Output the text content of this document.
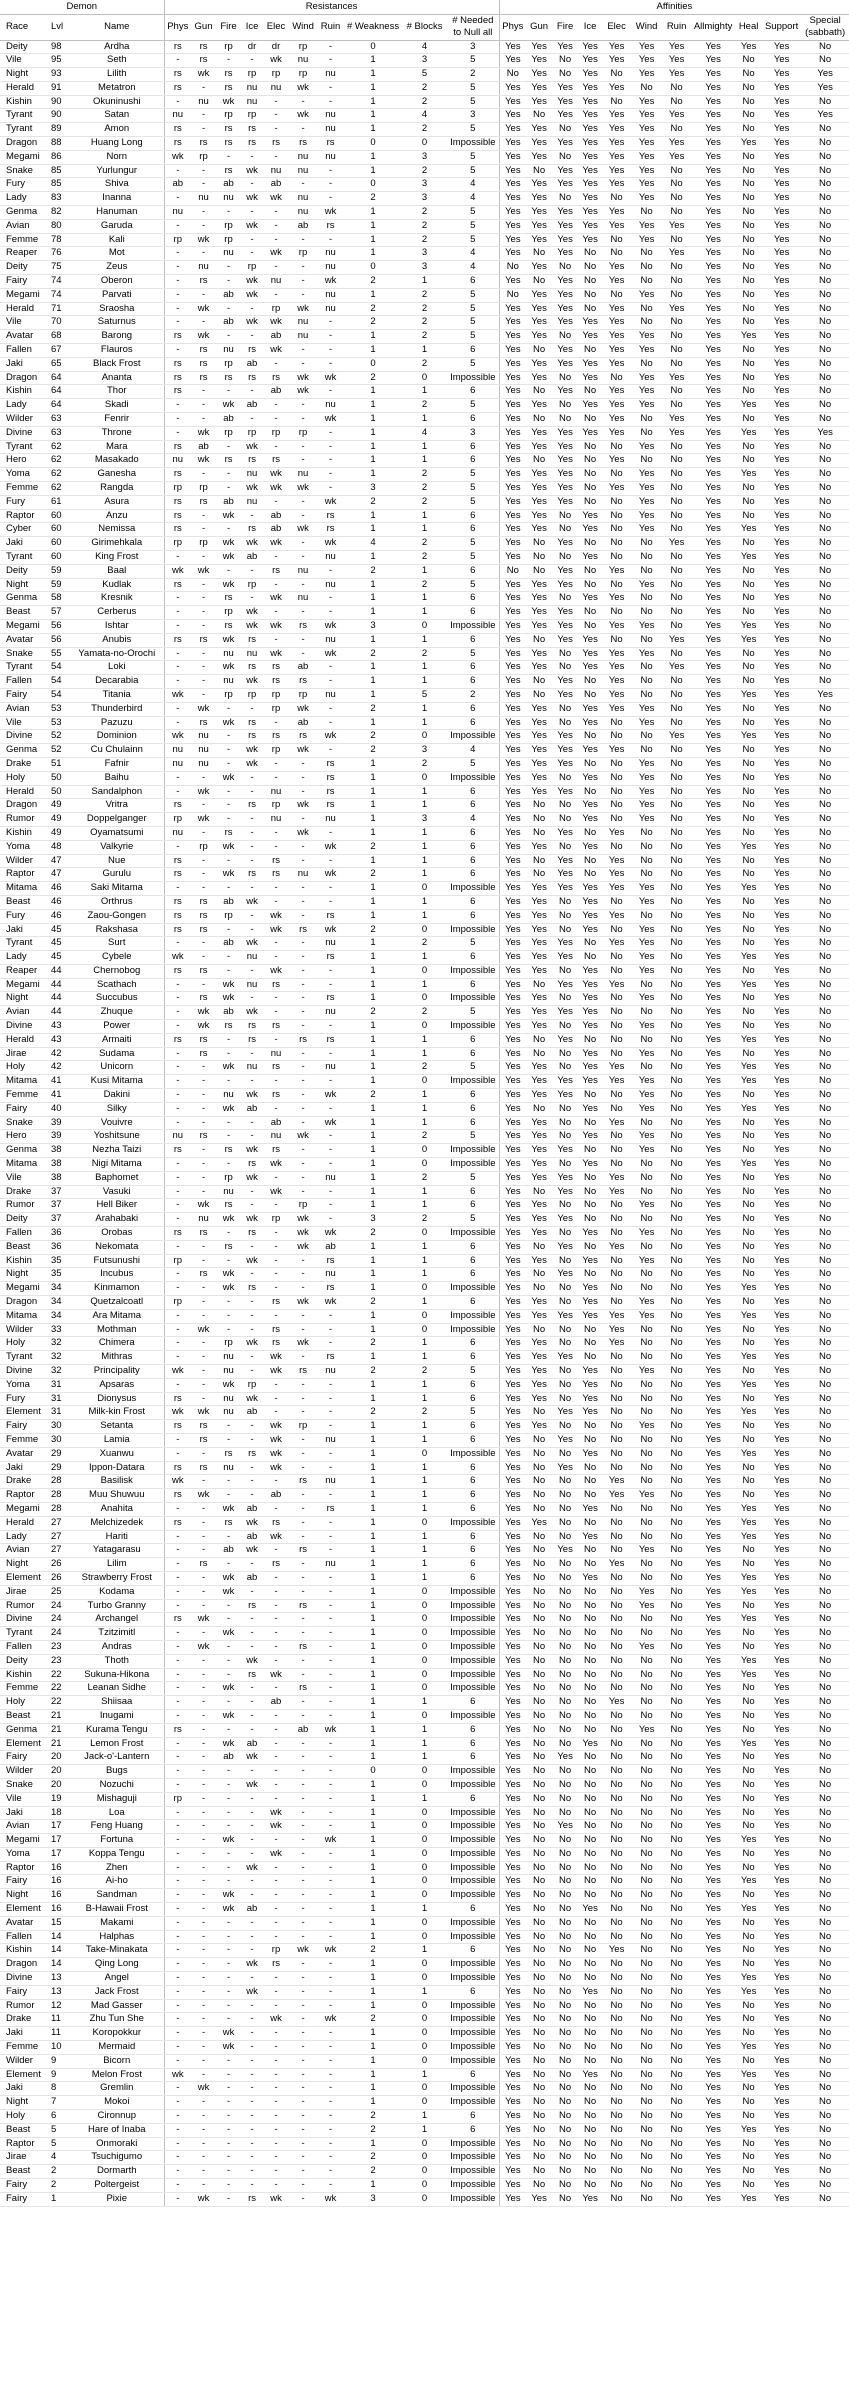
Demon			Resistances										Affinities										
Race	Lvl	Name	Phys	Gun	Fire	Ice	Elec	Wind	Ruin	# Weakness	# Blocks	# Needed to Null all	Phys	Gun	Fire	Ice	Elec	Wind	Ruin	Allmighty	Heal	Support	Special (sabbath)
Deity	98	Ardha	rs	rs	rp	dr	dr	rp	-	0	4	3	Yes	Yes	Yes	Yes	Yes	Yes	Yes	Yes	Yes	Yes	No
Vile	95	Seth	-	rs	-	-	wk	nu	-	1	3	5	Yes	Yes	No	Yes	Yes	Yes	Yes	Yes	No	Yes	No
Night	93	Lilith	rs	wk	rs	rp	rp	rp	nu	1	5	2	No	Yes	No	Yes	No	Yes	Yes	Yes	No	Yes	Yes
Herald	91	Metatron	rs	-	rs	nu	nu	wk	-	1	2	5	Yes	Yes	Yes	Yes	Yes	No	No	Yes	No	Yes	Yes
Kishin	90	Okuninushi	-	nu	wk	nu	-	-	-	1	2	5	Yes	Yes	Yes	Yes	No	Yes	No	Yes	No	Yes	No
Tyrant	90	Satan	nu	-	rp	rp	-	wk	nu	1	4	3	Yes	No	Yes	Yes	Yes	Yes	Yes	Yes	No	Yes	Yes
Tyrant	89	Amon	rs	-	rs	rs	-	-	nu	1	2	5	Yes	Yes	No	Yes	Yes	Yes	No	Yes	No	Yes	No
Dragon	88	Huang Long	rs	rs	rs	rs	rs	rs	rs	0	0	Impossible	Yes	Yes	Yes	Yes	Yes	Yes	Yes	Yes	Yes	Yes	No
Megami	86	Norn	wk	rp	-	-	-	nu	nu	1	3	5	Yes	Yes	No	Yes	Yes	Yes	Yes	Yes	No	Yes	No
Snake	85	Yurlungur	-	-	rs	wk	nu	nu	-	1	2	5	Yes	No	Yes	Yes	Yes	Yes	No	Yes	No	Yes	No
Fury	85	Shiva	ab	-	ab	-	ab	-	-	0	3	4	Yes	Yes	Yes	Yes	Yes	Yes	No	Yes	No	Yes	No
Lady	83	Inanna	-	nu	nu	wk	wk	nu	-	2	3	4	Yes	Yes	No	Yes	No	Yes	No	Yes	No	Yes	No
Genma	82	Hanuman	nu	-	-	-	-	nu	wk	1	2	5	Yes	Yes	Yes	Yes	Yes	No	No	Yes	No	Yes	No
Avian	80	Garuda	-	-	rp	wk	-	ab	rs	1	2	5	Yes	Yes	Yes	Yes	Yes	Yes	Yes	Yes	No	Yes	No
Femme	78	Kali	rp	wk	rp	-	-	-	-	1	2	5	Yes	Yes	Yes	Yes	No	Yes	No	Yes	No	Yes	No
Reaper	76	Mot	-	-	nu	-	wk	rp	nu	1	3	4	Yes	No	Yes	No	No	No	Yes	Yes	No	Yes	No
Deity	75	Zeus	-	nu	-	rp	-	-	nu	0	3	4	No	Yes	No	No	Yes	No	No	Yes	No	Yes	No
Fairy	74	Oberon	-	rs	-	wk	nu	-	wk	2	1	6	Yes	No	Yes	No	Yes	No	No	Yes	No	Yes	No
Megami	74	Parvati	-	-	ab	wk	-	-	nu	1	2	5	No	Yes	Yes	No	No	Yes	No	Yes	No	Yes	No
Herald	71	Sraosha	-	wk	-	-	rp	wk	nu	2	2	5	Yes	Yes	Yes	No	Yes	No	Yes	Yes	No	Yes	No
Vile	70	Saturnus	-	-	ab	wk	wk	nu	-	2	2	5	Yes	Yes	Yes	Yes	Yes	No	No	Yes	No	Yes	No
Avatar	68	Barong	rs	wk	-	-	ab	nu	-	1	2	5	Yes	Yes	No	Yes	Yes	Yes	No	Yes	Yes	Yes	No
Fallen	67	Flauros	-	rs	nu	rs	wk	-	-	1	1	6	Yes	No	Yes	No	Yes	Yes	No	Yes	No	Yes	No
Jaki	65	Black Frost	rs	rs	rp	ab	-	-	-	0	2	5	Yes	Yes	Yes	Yes	Yes	No	No	Yes	No	Yes	No
Dragon	64	Ananta	rs	rs	rs	rs	rs	wk	wk	2	0	Impossible	Yes	Yes	No	Yes	No	Yes	Yes	Yes	No	Yes	No
Kishin	64	Thor	rs	-	-	-	ab	wk	-	1	1	6	Yes	No	Yes	No	Yes	Yes	No	Yes	No	Yes	No
Lady	64	Skadi	-	-	wk	ab	-	-	nu	1	2	5	Yes	Yes	No	Yes	Yes	Yes	No	Yes	Yes	Yes	No
Wilder	63	Fenrir	-	-	ab	-	-	-	wk	1	1	6	Yes	No	No	No	Yes	No	Yes	Yes	No	Yes	No
Divine	63	Throne	-	wk	rp	rp	rp	rp	-	1	4	3	Yes	Yes	Yes	Yes	Yes	No	Yes	Yes	Yes	Yes	Yes
Tyrant	62	Mara	rs	ab	-	wk	-	-	-	1	1	6	Yes	Yes	Yes	No	No	Yes	No	Yes	No	Yes	No
Hero	62	Masakado	nu	wk	rs	rs	rs	-	-	1	1	6	Yes	No	Yes	No	Yes	No	No	Yes	No	Yes	No
Yoma	62	Ganesha	rs	-	-	nu	wk	nu	-	1	2	5	Yes	Yes	Yes	No	No	Yes	No	Yes	Yes	Yes	No
Femme	62	Rangda	rp	rp	-	wk	wk	wk	-	3	2	5	Yes	Yes	Yes	No	Yes	Yes	No	Yes	No	Yes	No
Fury	61	Asura	rs	rs	ab	nu	-	-	wk	2	2	5	Yes	Yes	Yes	No	No	Yes	No	Yes	No	Yes	No
Raptor	60	Anzu	rs	-	wk	-	ab	-	rs	1	1	6	Yes	Yes	No	Yes	No	Yes	No	Yes	No	Yes	No
Cyber	60	Nemissa	rs	-	-	rs	ab	wk	rs	1	1	6	Yes	Yes	No	Yes	No	Yes	No	Yes	Yes	Yes	No
Jaki	60	Girimehkala	rp	rp	wk	wk	wk	-	wk	4	2	5	Yes	No	Yes	No	No	No	Yes	Yes	No	Yes	No
Tyrant	60	King Frost	-	-	wk	ab	-	-	nu	1	2	5	Yes	No	No	Yes	No	No	No	Yes	Yes	Yes	No
Deity	59	Baal	wk	wk	-	-	rs	nu	-	2	1	6	No	No	Yes	No	Yes	No	No	Yes	No	Yes	No
Night	59	Kudlak	rs	-	wk	rp	-	-	nu	1	2	5	Yes	Yes	Yes	No	No	Yes	No	Yes	No	Yes	No
Genma	58	Kresnik	-	-	rs	-	wk	nu	-	1	1	6	Yes	Yes	No	Yes	Yes	No	No	Yes	No	Yes	No
Beast	57	Cerberus	-	-	rp	wk	-	-	-	1	1	6	Yes	Yes	Yes	No	No	No	No	Yes	No	Yes	No
Megami	56	Ishtar	-	-	rs	wk	wk	rs	wk	3	0	Impossible	Yes	Yes	Yes	No	Yes	Yes	No	Yes	Yes	Yes	No
Avatar	56	Anubis	rs	rs	wk	rs	-	-	nu	1	1	6	Yes	No	Yes	Yes	No	No	Yes	Yes	Yes	Yes	No
Snake	55	Yamata-no-Orochi	-	-	nu	nu	wk	-	wk	2	2	5	Yes	Yes	No	Yes	Yes	Yes	No	Yes	No	Yes	No
Tyrant	54	Loki	-	-	wk	rs	rs	ab	-	1	1	6	Yes	Yes	No	Yes	Yes	No	Yes	Yes	No	Yes	No
Fallen	54	Decarabia	-	-	nu	wk	rs	rs	-	1	1	6	Yes	No	Yes	No	Yes	No	No	Yes	No	Yes	No
Fairy	54	Titania	wk	-	rp	rp	rp	rp	nu	1	5	2	Yes	No	Yes	No	Yes	No	No	Yes	Yes	Yes	Yes
Avian	53	Thunderbird	-	wk	-	-	rp	wk	-	2	1	6	Yes	Yes	No	Yes	Yes	Yes	No	Yes	No	Yes	No
Vile	53	Pazuzu	-	rs	wk	rs	-	ab	-	1	1	6	Yes	Yes	No	Yes	No	Yes	No	Yes	No	Yes	No
Divine	52	Dominion	wk	nu	-	rs	rs	rs	wk	2	0	Impossible	Yes	Yes	Yes	No	No	No	Yes	Yes	Yes	Yes	No
Genma	52	Cu Chulainn	nu	nu	-	wk	rp	wk	-	2	3	4	Yes	Yes	Yes	Yes	Yes	No	No	Yes	No	Yes	No
Drake	51	Fafnir	nu	nu	-	wk	-	-	rs	1	2	5	Yes	Yes	Yes	No	No	Yes	No	Yes	No	Yes	No
Holy	50	Baihu	-	-	wk	-	-	-	rs	1	0	Impossible	Yes	Yes	No	Yes	No	Yes	No	Yes	No	Yes	No
Herald	50	Sandalphon	-	wk	-	-	nu	-	rs	1	1	6	Yes	Yes	Yes	No	No	Yes	No	Yes	No	Yes	No
Dragon	49	Vritra	rs	-	-	rs	rp	wk	rs	1	1	6	Yes	No	No	Yes	No	Yes	No	Yes	No	Yes	No
Rumor	49	Doppelganger	rp	wk	-	-	nu	-	nu	1	3	4	Yes	No	No	Yes	No	Yes	No	Yes	No	Yes	No
Kishin	49	Oyamatsumi	nu	-	rs	-	-	wk	-	1	1	6	Yes	No	Yes	No	Yes	No	No	Yes	No	Yes	No
Yoma	48	Valkyrie	-	rp	wk	-	-	-	wk	2	1	6	Yes	Yes	No	Yes	No	No	No	Yes	Yes	Yes	No
Wilder	47	Nue	rs	-	-	-	rs	-	-	1	1	6	Yes	No	Yes	No	Yes	No	No	Yes	No	Yes	No
Raptor	47	Gurulu	rs	-	wk	rs	rs	nu	wk	2	1	6	Yes	No	Yes	No	Yes	No	No	Yes	No	Yes	No
Mitama	46	Saki Mitama	-	-	-	-	-	-	-	1	0	Impossible	Yes	Yes	Yes	Yes	Yes	Yes	No	Yes	Yes	Yes	No
Beast	46	Orthrus	rs	rs	ab	wk	-	-	-	1	1	6	Yes	Yes	No	Yes	No	Yes	No	Yes	No	Yes	No
Fury	46	Zaou-Gongen	rs	rs	rp	-	wk	-	rs	1	1	6	Yes	Yes	No	Yes	Yes	No	No	Yes	No	Yes	No
Jaki	45	Rakshasa	rs	rs	-	-	wk	rs	wk	2	0	Impossible	Yes	Yes	No	Yes	No	Yes	No	Yes	No	Yes	No
Tyrant	45	Surt	-	-	ab	wk	-	-	nu	1	2	5	Yes	Yes	Yes	No	Yes	Yes	No	Yes	No	Yes	No
Lady	45	Cybele	wk	-	-	nu	-	-	rs	1	1	6	Yes	Yes	Yes	No	No	Yes	No	Yes	Yes	Yes	No
Reaper	44	Chernobog	rs	rs	-	-	wk	-	-	1	0	Impossible	Yes	Yes	No	Yes	No	Yes	No	Yes	No	Yes	No
Megami	44	Scathach	-	-	wk	nu	rs	-	-	1	1	6	Yes	No	Yes	Yes	Yes	No	No	Yes	Yes	Yes	No
Night	44	Succubus	-	rs	wk	-	-	-	rs	1	0	Impossible	Yes	Yes	No	Yes	No	Yes	No	Yes	No	Yes	No
Avian	44	Zhuque	-	wk	ab	wk	-	-	nu	2	2	5	Yes	Yes	Yes	Yes	No	No	No	Yes	No	Yes	No
Divine	43	Power	-	wk	rs	rs	rs	-	-	1	0	Impossible	Yes	Yes	No	Yes	No	Yes	No	Yes	No	Yes	No
Herald	43	Armaiti	rs	rs	-	rs	-	rs	rs	1	1	6	Yes	No	Yes	No	No	No	No	Yes	Yes	Yes	No
Jirae	42	Sudama	-	rs	-	-	nu	-	-	1	1	6	Yes	No	No	Yes	No	Yes	No	Yes	No	Yes	No
Holy	42	Unicorn	-	-	wk	nu	rs	-	nu	1	2	5	Yes	Yes	No	Yes	Yes	No	No	Yes	Yes	Yes	No
Mitama	41	Kusi Mitama	-	-	-	-	-	-	-	1	0	Impossible	Yes	Yes	Yes	Yes	Yes	Yes	No	Yes	Yes	Yes	No
Femme	41	Dakini	-	-	nu	wk	rs	-	wk	2	1	6	Yes	Yes	Yes	No	No	Yes	No	Yes	No	Yes	No
Fairy	40	Silky	-	-	wk	ab	-	-	-	1	1	6	Yes	No	No	Yes	No	Yes	No	Yes	Yes	Yes	No
Snake	39	Vouivre	-	-	-	-	ab	-	wk	1	1	6	Yes	Yes	No	No	Yes	No	No	Yes	No	Yes	No
Hero	39	Yoshitsune	nu	rs	-	-	nu	wk	-	1	2	5	Yes	Yes	No	Yes	No	Yes	No	Yes	No	Yes	No
Genma	38	Nezha Taizi	rs	-	rs	wk	rs	-	-	1	0	Impossible	Yes	Yes	Yes	No	No	Yes	No	Yes	No	Yes	No
Mitama	38	Nigi Mitama	-	-	-	rs	wk	-	-	1	0	Impossible	Yes	Yes	No	Yes	No	No	No	Yes	Yes	Yes	No
Vile	38	Baphomet	-	-	rp	wk	-	-	nu	1	2	5	Yes	Yes	Yes	No	Yes	No	No	Yes	No	Yes	No
Drake	37	Vasuki	-	-	nu	-	wk	-	-	1	1	6	Yes	No	Yes	No	Yes	No	No	Yes	No	Yes	No
Rumor	37	Hell Biker	-	wk	rs	-	-	rp	-	1	1	6	Yes	Yes	No	No	No	Yes	No	Yes	No	Yes	No
Deity	37	Arahabaki	-	nu	wk	wk	rp	wk	-	3	2	5	Yes	Yes	Yes	No	No	No	No	Yes	No	Yes	No
Fallen	36	Orobas	rs	rs	-	rs	-	wk	wk	2	0	Impossible	Yes	Yes	No	Yes	No	Yes	No	Yes	No	Yes	No
Beast	36	Nekomata	-	-	rs	-	-	wk	ab	1	1	6	Yes	No	Yes	No	Yes	No	No	Yes	No	Yes	No
Kishin	35	Futsunushi	rp	-	-	wk	-	-	rs	1	1	6	Yes	Yes	No	Yes	No	Yes	No	Yes	No	Yes	No
Night	35	Incubus	-	rs	wk	-	-	-	nu	1	1	6	Yes	No	Yes	No	No	No	No	Yes	No	Yes	No
Megami	34	Kinmamon	-	-	wk	rs	-	-	rs	1	0	Impossible	Yes	No	No	Yes	No	No	No	Yes	Yes	Yes	No
Dragon	34	Quetzalcoatl	rp	-	-	-	rs	wk	wk	2	1	6	Yes	Yes	No	Yes	No	Yes	No	Yes	No	Yes	No
Mitama	34	Ara Mitama	-	-	-	-	-	-	-	1	0	Impossible	Yes	Yes	Yes	Yes	Yes	Yes	No	Yes	Yes	Yes	No
Wilder	33	Mothman	-	wk	-	-	rs	-	-	1	0	Impossible	Yes	No	No	No	Yes	No	No	Yes	No	Yes	No
Holy	32	Chimera	-	-	rp	wk	rs	wk	-	2	1	6	Yes	Yes	No	No	Yes	No	No	Yes	No	Yes	No
Tyrant	32	Mithras	-	-	nu	-	wk	-	rs	1	1	6	Yes	Yes	Yes	No	No	No	No	Yes	Yes	Yes	No
Divine	32	Principality	wk	-	nu	-	wk	rs	nu	2	2	5	Yes	Yes	No	Yes	No	Yes	No	Yes	No	Yes	No
Yoma	31	Apsaras	-	-	wk	rp	-	-	-	1	1	6	Yes	Yes	No	Yes	No	No	No	Yes	Yes	Yes	No
Fury	31	Dionysus	rs	-	nu	wk	-	-	-	1	1	6	Yes	Yes	No	Yes	No	No	No	Yes	No	Yes	No
Element	31	Milk-kin Frost	wk	wk	nu	ab	-	-	-	2	2	5	Yes	No	Yes	Yes	No	No	No	Yes	Yes	Yes	No
Fairy	30	Setanta	rs	rs	-	-	wk	rp	-	1	1	6	Yes	Yes	No	No	No	Yes	No	Yes	No	Yes	No
Femme	30	Lamia	-	rs	-	-	wk	-	nu	1	1	6	Yes	No	Yes	No	No	No	No	Yes	No	Yes	No
Avatar	29	Xuanwu	-	-	rs	rs	wk	-	-	1	0	Impossible	Yes	No	No	Yes	No	No	No	Yes	Yes	Yes	No
Jaki	29	Ippon-Datara	rs	rs	nu	-	wk	-	-	1	1	6	Yes	No	Yes	No	No	No	No	Yes	No	Yes	No
Drake	28	Basilisk	wk	-	-	-	-	rs	nu	1	1	6	Yes	No	No	No	Yes	No	No	Yes	No	Yes	No
Raptor	28	Muu Shuwuu	rs	wk	-	-	ab	-	-	1	1	6	Yes	No	No	No	Yes	Yes	No	Yes	No	Yes	No
Megami	28	Anahita	-	-	wk	ab	-	-	rs	1	1	6	Yes	No	No	Yes	No	No	No	Yes	Yes	Yes	No
Herald	27	Melchizedek	rs	-	rs	wk	rs	-	-	1	0	Impossible	Yes	Yes	No	No	No	No	No	Yes	Yes	Yes	No
Lady	27	Hariti	-	-	-	ab	wk	-	-	1	1	6	Yes	No	No	Yes	No	No	No	Yes	Yes	Yes	No
Avian	27	Yatagarasu	-	-	ab	wk	-	rs	-	1	1	6	Yes	No	Yes	No	No	Yes	No	Yes	No	Yes	No
Night	26	Lilim	-	rs	-	-	rs	-	nu	1	1	6	Yes	No	No	No	Yes	No	No	Yes	No	Yes	No
Element	26	Strawberry Frost	-	-	wk	ab	-	-	-	1	1	6	Yes	No	No	Yes	No	No	No	Yes	Yes	Yes	No
Jirae	25	Kodama	-	-	wk	-	-	-	-	1	0	Impossible	Yes	No	No	No	No	Yes	No	Yes	Yes	Yes	No
Rumor	24	Turbo Granny	-	-	-	rs	-	rs	-	1	0	Impossible	Yes	No	No	No	No	Yes	No	Yes	No	Yes	No
Divine	24	Archangel	rs	wk	-	-	-	-	-	1	0	Impossible	Yes	No	No	No	No	No	No	Yes	Yes	Yes	No
Tyrant	24	Tzitzimitl	-	-	wk	-	-	-	-	1	0	Impossible	Yes	No	No	No	No	No	No	Yes	No	Yes	No
Fallen	23	Andras	-	wk	-	-	-	rs	-	1	0	Impossible	Yes	No	No	No	No	Yes	No	Yes	No	Yes	No
Deity	23	Thoth	-	-	-	wk	-	-	-	1	0	Impossible	Yes	No	No	No	No	No	No	Yes	Yes	Yes	No
Kishin	22	Sukuna-Hikona	-	-	-	rs	wk	-	-	1	0	Impossible	Yes	No	No	No	No	No	No	Yes	Yes	Yes	No
Femme	22	Leanan Sidhe	-	-	wk	-	-	rs	-	1	0	Impossible	Yes	No	No	No	No	No	No	Yes	No	Yes	No
Holy	22	Shiisaa	-	-	-	-	ab	-	-	1	1	6	Yes	No	No	No	Yes	No	No	Yes	No	Yes	No
Beast	21	Inugami	-	-	wk	-	-	-	-	1	0	Impossible	Yes	No	No	No	No	No	No	Yes	No	Yes	No
Genma	21	Kurama Tengu	rs	-	-	-	-	ab	wk	1	1	6	Yes	No	No	No	No	Yes	No	Yes	No	Yes	No
Element	21	Lemon Frost	-	-	wk	ab	-	-	-	1	1	6	Yes	No	No	Yes	No	No	No	Yes	Yes	Yes	No
Fairy	20	Jack-o'-Lantern	-	-	ab	wk	-	-	-	1	1	6	Yes	No	Yes	No	No	No	No	Yes	No	Yes	No
Wilder	20	Bugs	-	-	-	-	-	-	-	0	0	Impossible	Yes	No	No	No	No	No	No	Yes	No	Yes	No
Snake	20	Nozuchi	-	-	-	wk	-	-	-	1	0	Impossible	Yes	No	No	No	No	No	No	Yes	No	Yes	No
Vile	19	Mishaguji	rp	-	-	-	-	-	-	1	1	6	Yes	No	No	No	No	No	No	Yes	No	Yes	No
Jaki	18	Loa	-	-	-	-	wk	-	-	1	0	Impossible	Yes	No	No	No	No	No	No	Yes	No	Yes	No
Avian	17	Feng Huang	-	-	-	-	wk	-	-	1	0	Impossible	Yes	No	Yes	No	No	No	No	Yes	No	Yes	No
Megami	17	Fortuna	-	-	wk	-	-	-	wk	1	0	Impossible	Yes	No	No	No	No	No	No	Yes	Yes	Yes	No
Yoma	17	Koppa Tengu	-	-	-	-	wk	-	-	1	0	Impossible	Yes	No	No	No	No	No	No	Yes	No	Yes	No
Raptor	16	Zhen	-	-	-	wk	-	-	-	1	0	Impossible	Yes	No	No	No	No	No	No	Yes	No	Yes	No
Fairy	16	Ai-ho	-	-	-	-	-	-	-	1	0	Impossible	Yes	No	No	No	No	No	No	Yes	Yes	Yes	No
Night	16	Sandman	-	-	wk	-	-	-	-	1	0	Impossible	Yes	No	No	No	No	No	No	Yes	No	Yes	No
Element	16	B-Hawaii Frost	-	-	wk	ab	-	-	-	1	1	6	Yes	No	No	Yes	No	No	No	Yes	Yes	Yes	No
Avatar	15	Makami	-	-	-	-	-	-	-	1	0	Impossible	Yes	No	No	No	No	No	No	Yes	No	Yes	No
Fallen	14	Halphas	-	-	-	-	-	-	-	1	0	Impossible	Yes	No	No	No	No	No	No	Yes	No	Yes	No
Kishin	14	Take-Minakata	-	-	-	-	rp	wk	wk	2	1	6	Yes	No	No	No	Yes	No	No	Yes	No	Yes	No
Dragon	14	Qing Long	-	-	-	wk	rs	-	-	1	0	Impossible	Yes	No	No	No	No	No	No	Yes	No	Yes	No
Divine	13	Angel	-	-	-	-	-	-	-	1	0	Impossible	Yes	No	No	No	No	No	No	Yes	Yes	Yes	No
Fairy	13	Jack Frost	-	-	-	wk	-	-	-	1	1	6	Yes	No	No	Yes	No	No	No	Yes	Yes	Yes	No
Rumor	12	Mad Gasser	-	-	-	-	-	-	-	1	0	Impossible	Yes	No	No	No	No	No	No	Yes	No	Yes	No
Drake	11	Zhu Tun She	-	-	-	-	wk	-	wk	2	0	Impossible	Yes	No	No	No	No	No	No	Yes	No	Yes	No
Jaki	11	Koropokkur	-	-	wk	-	-	-	-	1	0	Impossible	Yes	No	No	No	No	No	No	Yes	No	Yes	No
Femme	10	Mermaid	-	-	wk	-	-	-	-	1	0	Impossible	Yes	No	No	No	No	No	No	Yes	Yes	Yes	No
Wilder	9	Bicorn	-	-	-	-	-	-	-	1	0	Impossible	Yes	No	No	No	No	No	No	Yes	No	Yes	No
Element	9	Melon Frost	wk	-	-	-	-	-	-	1	1	6	Yes	No	No	Yes	No	No	No	Yes	Yes	Yes	No
Jaki	8	Gremlin	-	wk	-	-	-	-	-	1	0	Impossible	Yes	No	No	No	No	No	No	Yes	No	Yes	No
Night	7	Mokoi	-	-	-	-	-	-	-	1	0	Impossible	Yes	No	No	No	No	No	No	Yes	No	Yes	No
Holy	6	Cironnup	-	-	-	-	-	-	-	2	1	6	Yes	No	No	No	No	No	No	Yes	No	Yes	No
Beast	5	Hare of Inaba	-	-	-	-	-	-	-	2	1	6	Yes	No	No	No	No	No	No	Yes	Yes	Yes	No
Raptor	5	Onmoraki	-	-	-	-	-	-	-	1	0	Impossible	Yes	No	No	No	No	No	No	Yes	No	Yes	No
Jirae	4	Tsuchigumo	-	-	-	-	-	-	-	2	0	Impossible	Yes	No	No	No	No	No	No	Yes	No	Yes	No
Beast	2	Dormarth	-	-	-	-	-	-	-	2	0	Impossible	Yes	No	No	No	No	No	No	Yes	No	Yes	No
Fairy	2	Poltergeist	-	-	-	-	-	-	-	1	0	Impossible	Yes	No	No	No	No	No	No	Yes	No	Yes	No
Fairy	1	Pixie	-	wk	-	rs	wk	-	wk	3	0	Impossible	Yes	Yes	No	Yes	No	No	No	Yes	Yes	Yes	No
